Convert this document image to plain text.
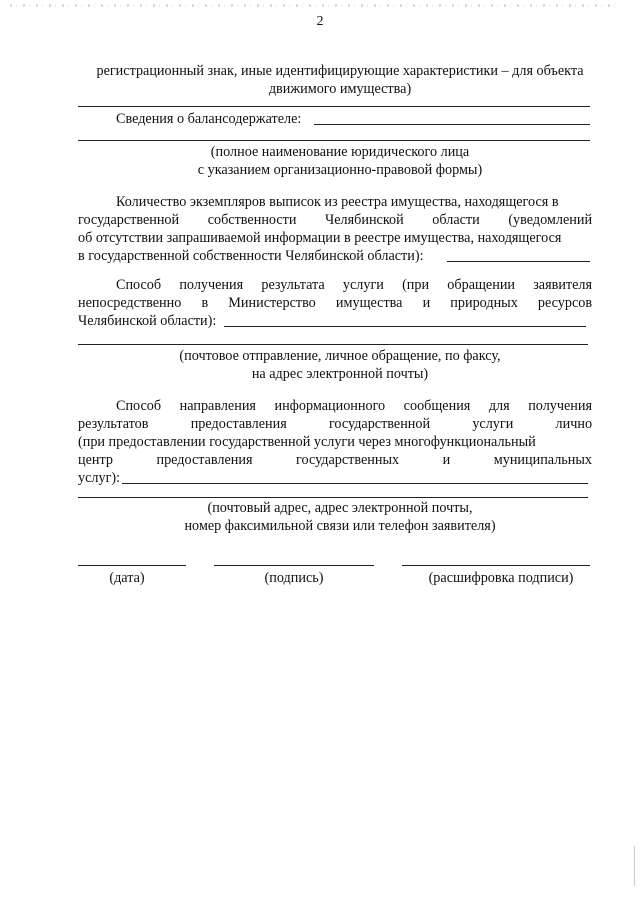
2
регистрационный знак, иные идентифицирующие характеристики – для объекта
движимого имущества)
Сведения о балансодержателе:
(полное наименование юридического лица
с указанием организационно-правовой формы)
Количество экземпляров выписок из реестра имущества, находящегося в
государственной собственности Челябинской области (уведомлений
об отсутствии запрашиваемой информации в реестре имущества, находящегося
в государственной собственности Челябинской области):
Способ получения результата услуги (при обращении заявителя
непосредственно в Министерство имущества и природных ресурсов
Челябинской области):
(почтовое отправление, личное обращение, по факсу,
на адрес электронной почты)
Способ направления информационного сообщения для получения
результатов	предоставления	государственной	услуги	лично
(при предоставлении государственной услуги через многофункциональный
центр	предоставления	государственных	и	муниципальных
услуг):
(почтовый адрес, адрес электронной почты,
номер факсимильной связи или телефон заявителя)
(дата)	(подпись)	(расшифровка подписи)
